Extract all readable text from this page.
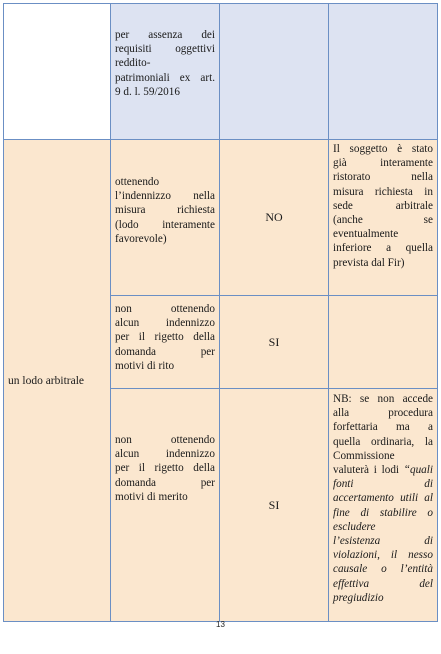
per assenza dei
requisiti oggettivi
reddito-
patrimoniali ex art.
9 d. l. 59/2016
un lodo arbitrale
ottenendo
l’indennizzo nella
misura richiesta
(lodo interamente
favorevole)
NO
Il soggetto è stato
già interamente
ristorato nella
misura richiesta in
sede arbitrale
(anche se
eventualmente
inferiore a quella
prevista dal Fir)
non ottenendo
alcun indennizzo
per il rigetto della
domanda per
motivi di rito
SI
non ottenendo
alcun indennizzo
per il rigetto della
domanda per
motivi di merito
SI
NB: se non accede
alla procedura
forfettaria ma a
quella ordinaria, la
Commissione
valuterà i lodi “quali
fonti di
accertamento utili al
fine di stabilire o
escludere
l’esistenza di
violazioni, il nesso
causale o l’entità
effettiva del
pregiudizio
13
